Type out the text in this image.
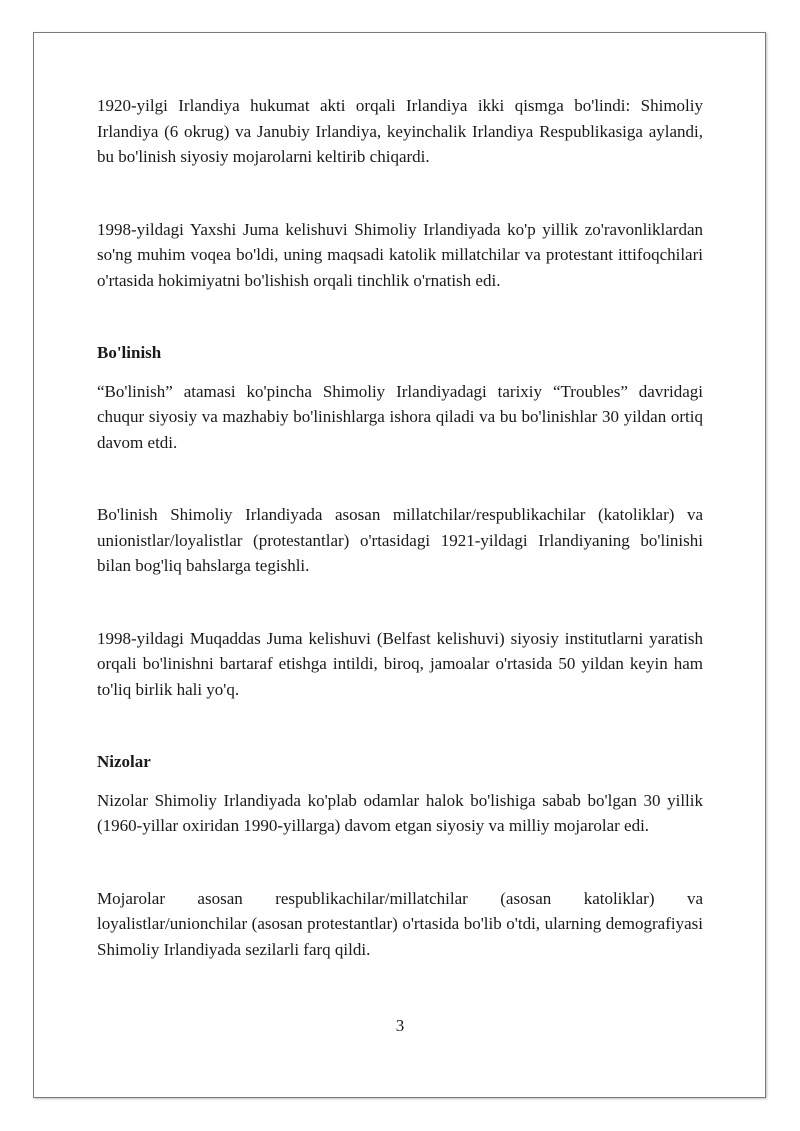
1920-yilgi Irlandiya hukumat akti orqali Irlandiya ikki qismga bo'lindi: Shimoliy Irlandiya (6 okrug) va Janubiy Irlandiya, keyinchalik Irlandiya Respublikasiga aylandi, bu bo'linish siyosiy mojarolarni keltirib chiqardi.

1998-yildagi Yaxshi Juma kelishuvi Shimoliy Irlandiyada ko'p yillik zo'ravonliklardan so'ng muhim voqea bo'ldi, uning maqsadi katolik millatchilar va protestant ittifoqchilari o'rtasida hokimiyatni bo'lishish orqali tinchlik o'rnatish edi.

Bo'linish

“Bo'linish” atamasi ko'pincha Shimoliy Irlandiyadagi tarixiy “Troubles” davridagi chuqur siyosiy va mazhabiy bo'linishlarga ishora qiladi va bu bo'linishlar 30 yildan ortiq davom etdi.

Bo'linish Shimoliy Irlandiyada asosan millatchilar/respublikachilar (katoliklar) va unionistlar/loyalistlar (protestantlar) o'rtasidagi 1921-yildagi Irlandiyaning bo'linishi bilan bog'liq bahslarga tegishli.

1998-yildagi Muqaddas Juma kelishuvi (Belfast kelishuvi) siyosiy institutlarni yaratish orqali bo'linishni bartaraf etishga intildi, biroq, jamoalar o'rtasida 50 yildan keyin ham to'liq birlik hali yo'q.

Nizolar

Nizolar Shimoliy Irlandiyada ko'plab odamlar halok bo'lishiga sabab bo'lgan 30 yillik (1960-yillar oxiridan 1990-yillarga) davom etgan siyosiy va milliy mojarolar edi.

Mojarolar asosan respublikachilar/millatchilar (asosan katoliklar) va loyalistlar/unionchilar (asosan protestantlar) o'rtasida bo'lib o'tdi, ularning demografiyasi Shimoliy Irlandiyada sezilarli farq qildi.

3
